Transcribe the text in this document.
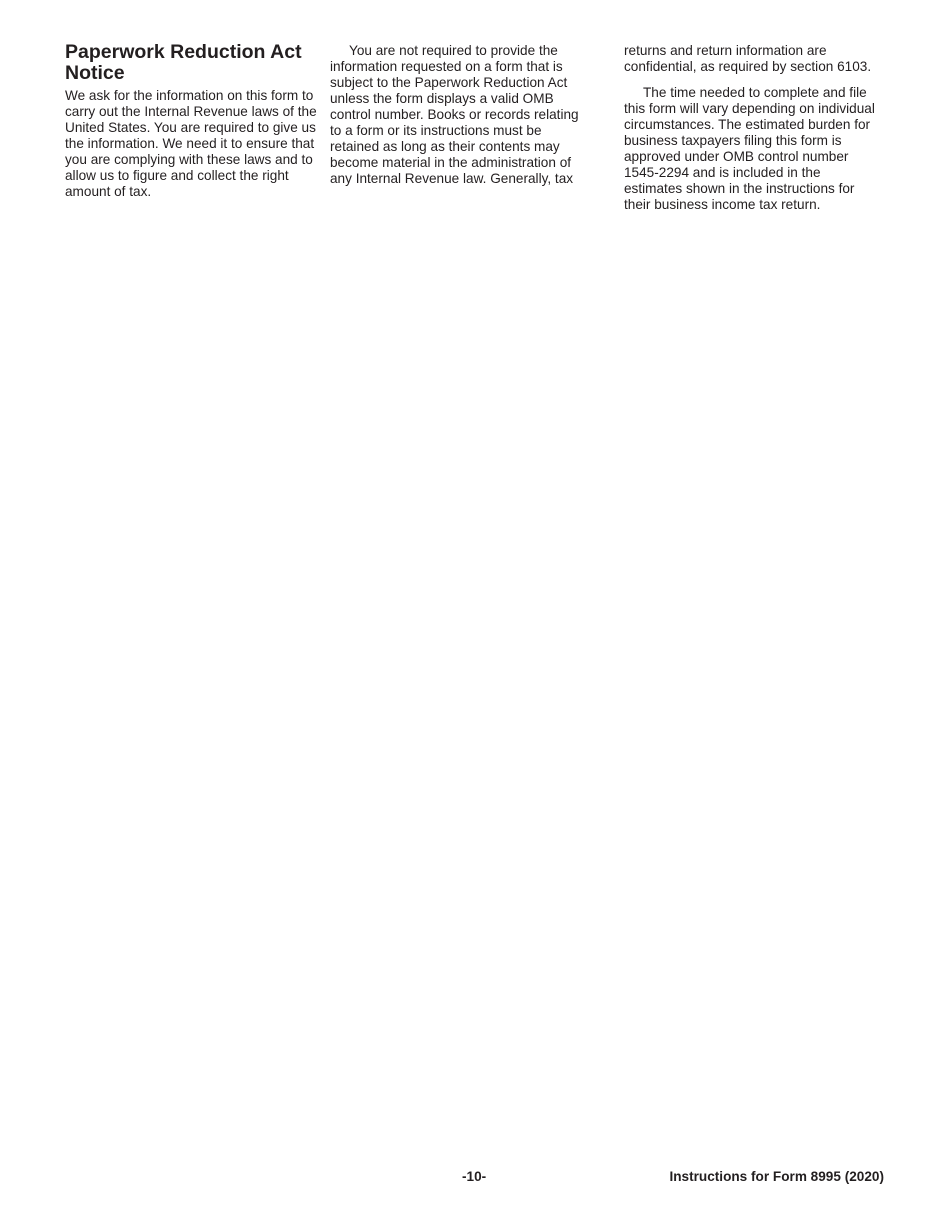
Paperwork Reduction Act
Notice
We ask for the information on this form to
carry out the Internal Revenue laws of the
United States. You are required to give us
the information. We need it to ensure that
you are complying with these laws and to
allow us to figure and collect the right
amount of tax.
You are not required to provide the
information requested on a form that is
subject to the Paperwork Reduction Act
unless the form displays a valid OMB
control number. Books or records relating
to a form or its instructions must be
retained as long as their contents may
become material in the administration of
any Internal Revenue law. Generally, tax
returns and return information are
confidential, as required by section 6103.
The time needed to complete and file
this form will vary depending on individual
circumstances. The estimated burden for
business taxpayers filing this form is
approved under OMB control number
1545-2294 and is included in the
estimates shown in the instructions for
their business income tax return.
-10-	Instructions for Form 8995 (2020)
